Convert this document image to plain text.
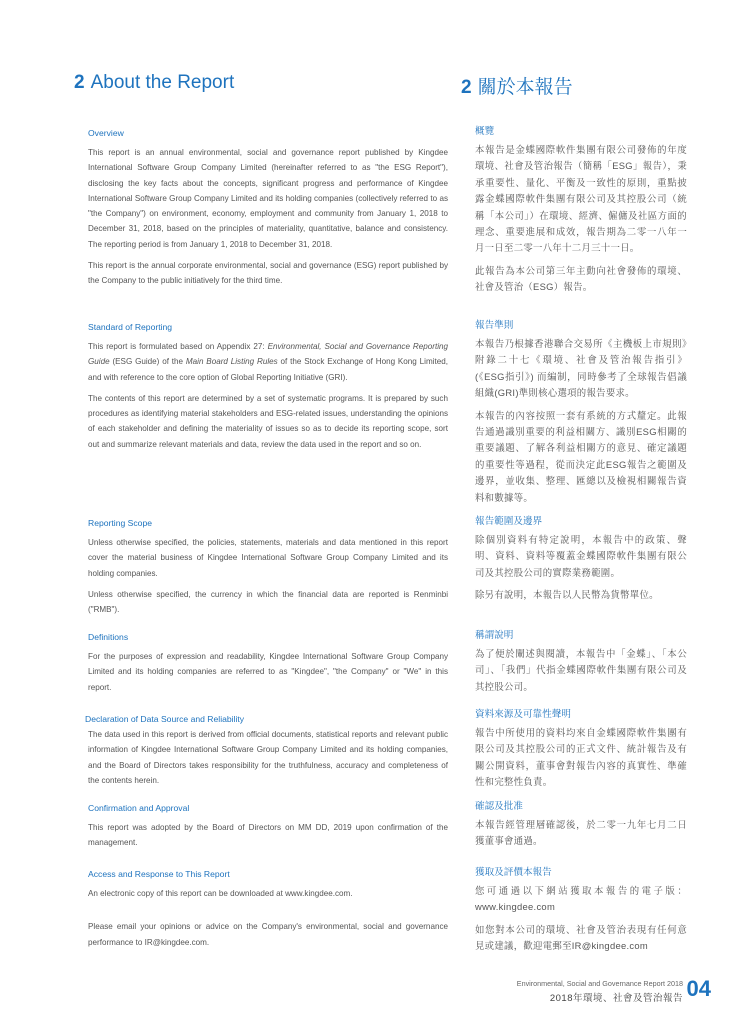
2 About the Report
Overview
This report is an annual environmental, social and governance report published by Kingdee International Software Group Company Limited (hereinafter referred to as "the ESG Report"), disclosing the key facts about the concepts, significant progress and performance of Kingdee International Software Group Company Limited and its holding companies (collectively referred to as "the Company") on environment, economy, employment and community from January 1, 2018 to December 31, 2018, based on the principles of materiality, quantitative, balance and consistency. The reporting period is from January 1, 2018 to December 31, 2018.
This report is the annual corporate environmental, social and governance (ESG) report published by the Company to the public initiatively for the third time.
Standard of Reporting
This report is formulated based on Appendix 27: Environmental, Social and Governance Reporting Guide (ESG Guide) of the Main Board Listing Rules of the Stock Exchange of Hong Kong Limited, and with reference to the core option of Global Reporting Initiative (GRI).
The contents of this report are determined by a set of systematic programs. It is prepared by such procedures as identifying material stakeholders and ESG-related issues, understanding the opinions of each stakeholder and defining the materiality of issues so as to decide its reporting scope, sort out and summarize relevant materials and data, review the data used in the report and so on.
Reporting Scope
Unless otherwise specified, the policies, statements, materials and data mentioned in this report cover the material business of Kingdee International Software Group Company Limited and its holding companies.
Unless otherwise specified, the currency in which the financial data are reported is Renminbi ("RMB").
Definitions
For the purposes of expression and readability, Kingdee International Software Group Company Limited and its holding companies are referred to as "Kingdee", "the Company" or "We" in this report.
Declaration of Data Source and Reliability
The data used in this report is derived from official documents, statistical reports and relevant public information of Kingdee International Software Group Company Limited and its holding companies, and the Board of Directors takes responsibility for the truthfulness, accuracy and completeness of the contents herein.
Confirmation and Approval
This report was adopted by the Board of Directors on MM DD, 2019 upon confirmation of the management.
Access and Response to This Report
An electronic copy of this report can be downloaded at www.kingdee.com.
Please email your opinions or advice on the Company's environmental, social and governance performance to IR@kingdee.com.
2 關於本報告
概覽
本報告是金蝶國際軟件集團有限公司發佈的年度環境、社會及管治報告（簡稱「ESG」報告），秉承重要性、量化、平衡及一致性的原則，重點披露金蝶國際軟件集團有限公司及其控股公司（統稱「本公司」）在環境、經濟、僱傭及社區方面的理念、重要進展和成效，報告期為二零一八年一月一日至二零一八年十二月三十一日。
此報告為本公司第三年主動向社會發佈的環境、社會及管治（ESG）報告。
報告準則
本報告乃根據香港聯合交易所《主機板上市規則》附錄二十七《環境、社會及管治報告指引》(《ESG指引》) 而編制，同時參考了全球報告倡議組織(GRI)準則核心選項的報告要求。
本報告的內容按照一套有系統的方式釐定。此報告通過識別重要的利益相關方、識別ESG相關的重要議題、了解各利益相關方的意見、確定議題的重要性等過程，從而決定此ESG報告之範圍及邊界，並收集、整理、匯總以及檢視相關報告資料和數據等。
報告範圍及邊界
除個別資料有特定說明，本報告中的政策、聲明、資料、資料等覆蓋金蝶國際軟件集團有限公司及其控股公司的實際業務範圍。
除另有說明，本報告以人民幣為貨幣單位。
稱謂說明
為了便於闡述與閱讀，本報告中「金蝶」、「本公司」、「我們」代指金蝶國際軟件集團有限公司及其控股公司。
資料來源及可靠性聲明
報告中所使用的資料均來自金蝶國際軟件集團有限公司及其控股公司的正式文件、統計報告及有關公開資料，董事會對報告內容的真實性、準確性和完整性負責。
確認及批准
本報告經管理層確認後，於二零一九年七月二日獲董事會通過。
獲取及評價本報告
您可通過以下網站獲取本報告的電子版：www.kingdee.com
如您對本公司的環境、社會及管治表現有任何意見或建議，歡迎電郵至IR@kingdee.com
Environmental, Social and Governance Report 2018
2018年環境、社會及管治報告 04
